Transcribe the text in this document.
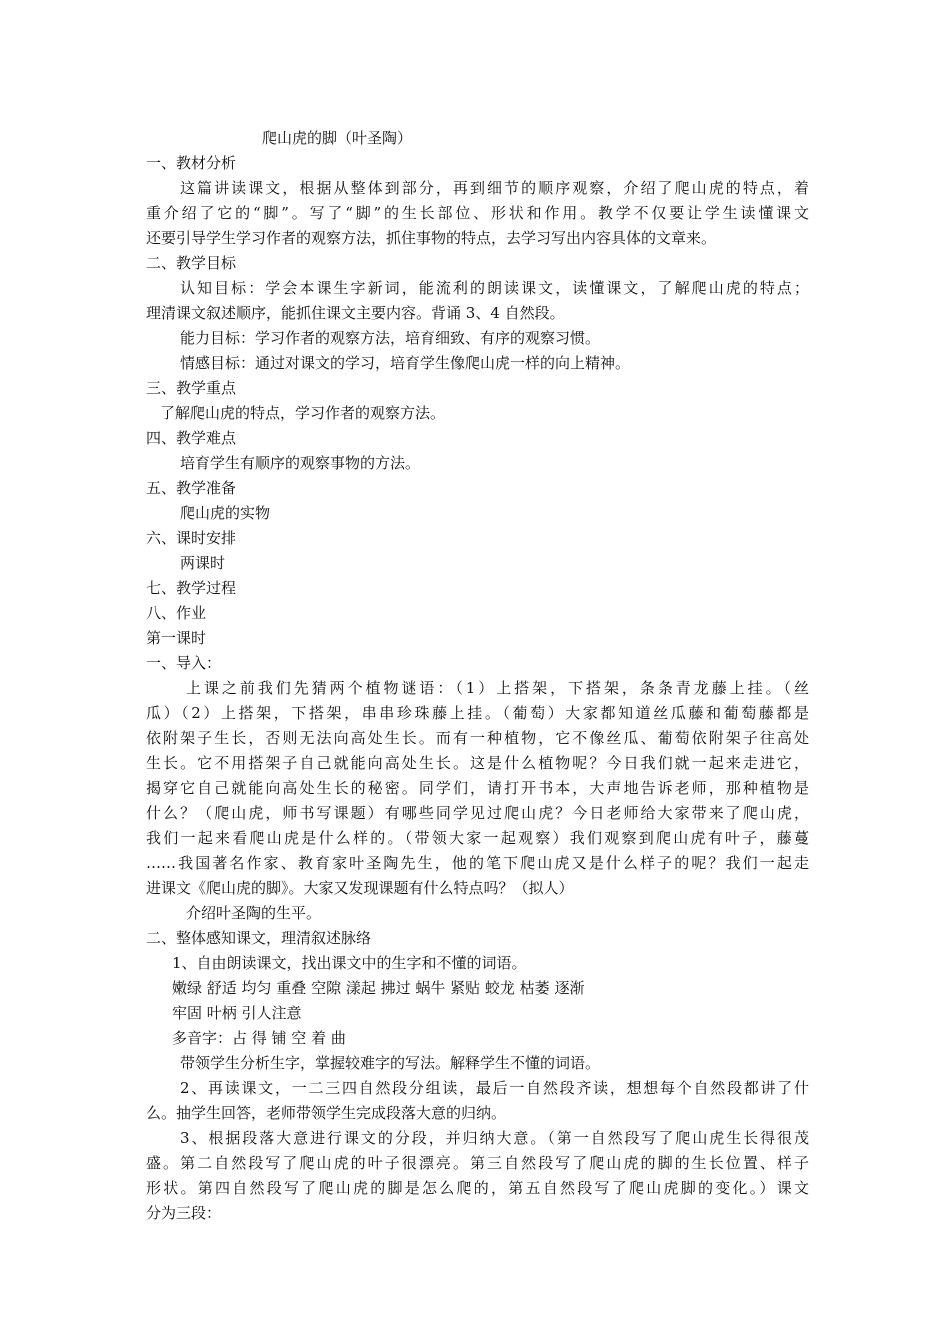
爬山虎的脚（叶圣陶）
一、教材分析
这篇讲读课文，根据从整体到部分，再到细节的顺序观察，介绍了爬山虎的特点，着
重介绍了它的“脚”。写了“脚”的生长部位、形状和作用。教学不仅要让学生读懂课文
还要引导学生学习作者的观察方法，抓住事物的特点，去学习写出内容具体的文章来。
二、教学目标
认知目标：学会本课生字新词，能流利的朗读课文，读懂课文，了解爬山虎的特点；
理清课文叙述顺序，能抓住课文主要内容。背诵 3、4 自然段。
能力目标：学习作者的观察方法，培育细致、有序的观察习惯。
情感目标：通过对课文的学习，培育学生像爬山虎一样的向上精神。
三、教学重点
了解爬山虎的特点，学习作者的观察方法。
四、教学难点
培育学生有顺序的观察事物的方法。
五、教学准备
爬山虎的实物
六、课时安排
两课时
七、教学过程
八、作业
第一课时
一、导入：
上课之前我们先猜两个植物谜语：（1）上搭架，下搭架，条条青龙藤上挂。（丝
瓜）（2）上搭架，下搭架，串串珍珠藤上挂。（葡萄）大家都知道丝瓜藤和葡萄藤都是
依附架子生长，否则无法向高处生长。而有一种植物，它不像丝瓜、葡萄依附架子往高处
生长。它不用搭架子自己就能向高处生长。这是什么植物呢？今日我们就一起来走进它，
揭穿它自己就能向高处生长的秘密。同学们，请打开书本，大声地告诉老师，那种植物是
什么？（爬山虎，师书写课题）有哪些同学见过爬山虎？今日老师给大家带来了爬山虎，
我们一起来看爬山虎是什么样的。（带领大家一起观察）我们观察到爬山虎有叶子，藤蔓
……我国著名作家、教育家叶圣陶先生，他的笔下爬山虎又是什么样子的呢？我们一起走
进课文《爬山虎的脚》。大家又发现课题有什么特点吗？（拟人）
介绍叶圣陶的生平。
二、整体感知课文，理清叙述脉络
1、自由朗读课文，找出课文中的生字和不懂的词语。
嫩绿 舒适 均匀 重叠 空隙 漾起 拂过 蜗牛 紧贴 蛟龙 枯萎 逐渐
牢固 叶柄 引人注意
多音字：占 得 铺 空 着 曲
带领学生分析生字，掌握较难字的写法。解释学生不懂的词语。
2、再读课文，一二三四自然段分组读，最后一自然段齐读，想想每个自然段都讲了什
么。抽学生回答，老师带领学生完成段落大意的归纳。
3、根据段落大意进行课文的分段，并归纳大意。（第一自然段写了爬山虎生长得很茂
盛。第二自然段写了爬山虎的叶子很漂亮。第三自然段写了爬山虎的脚的生长位置、样子
形状。第四自然段写了爬山虎的脚是怎么爬的，第五自然段写了爬山虎脚的变化。）课文
分为三段：
